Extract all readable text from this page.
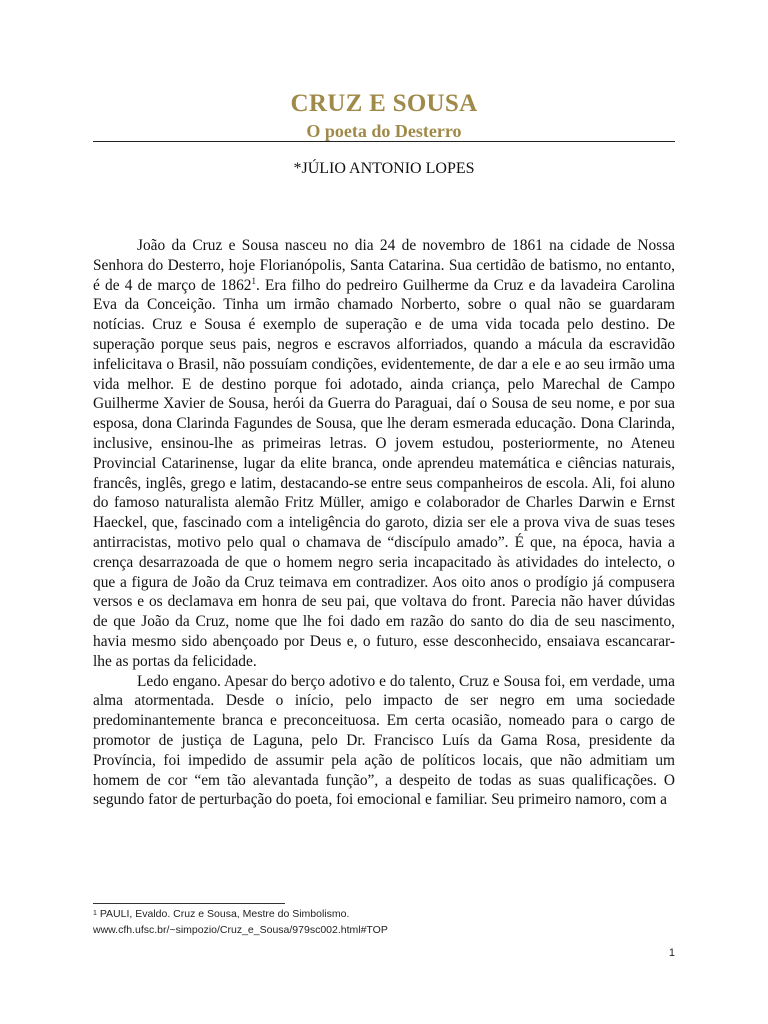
CRUZ E SOUSA
O poeta do Desterro
*JÚLIO ANTONIO LOPES

João da Cruz e Sousa nasceu no dia 24 de novembro de 1861 na cidade de Nossa Senhora do Desterro, hoje Florianópolis, Santa Catarina. Sua certidão de batismo, no entanto, é de 4 de março de 1862$^1$. Era filho do pedreiro Guilherme da Cruz e da lavadeira Carolina Eva da Conceição. Tinha um irmão chamado Norberto, sobre o qual não se guardaram notícias. Cruz e Sousa é exemplo de superação e de uma vida tocada pelo destino. De superação porque seus pais, negros e escravos alforriados, quando a mácula da escravidão infelicitava o Brasil, não possuíam condições, evidentemente, de dar a ele e ao seu irmão uma vida melhor. E de destino porque foi adotado, ainda criança, pelo Marechal de Campo Guilherme Xavier de Sousa, herói da Guerra do Paraguai, daí o Sousa de seu nome, e por sua esposa, dona Clarinda Fagundes de Sousa, que lhe deram esmerada educação. Dona Clarinda, inclusive, ensinou-lhe as primeiras letras. O jovem estudou, posteriormente, no Ateneu Provincial Catarinense, lugar da elite branca, onde aprendeu matemática e ciências naturais, francês, inglês, grego e latim, destacando-se entre seus companheiros de escola. Ali, foi aluno do famoso naturalista alemão Fritz Müller, amigo e colaborador de Charles Darwin e Ernst Haeckel, que, fascinado com a inteligência do garoto, dizia ser ele a prova viva de suas teses antirracistas, motivo pelo qual o chamava de “discípulo amado”. É que, na época, havia a crença desarrazoada de que o homem negro seria incapacitado às atividades do intelecto, o que a figura de João da Cruz teimava em contradizer. Aos oito anos o prodígio já compusera versos e os declamava em honra de seu pai, que voltava do front. Parecia não haver dúvidas de que João da Cruz, nome que lhe foi dado em razão do santo do dia de seu nascimento, havia mesmo sido abençoado por Deus e, o futuro, esse desconhecido, ensaiava escancarar-lhe as portas da felicidade.

Ledo engano. Apesar do berço adotivo e do talento, Cruz e Sousa foi, em verdade, uma alma atormentada. Desde o início, pelo impacto de ser negro em uma sociedade predominantemente branca e preconceituosa. Em certa ocasião, nomeado para o cargo de promotor de justiça de Laguna, pelo Dr. Francisco Luís da Gama Rosa, presidente da Província, foi impedido de assumir pela ação de políticos locais, que não admitiam um homem de cor “em tão alevantada função”, a despeito de todas as suas qualificações. O segundo fator de perturbação do poeta, foi emocional e familiar. Seu primeiro namoro, com a

$^1$ PAULI, Evaldo. Cruz e Sousa, Mestre do Simbolismo.
www.cfh.ufsc.br/~simpozio/Cruz_e_Sousa/979sc002.html#TOP
1
